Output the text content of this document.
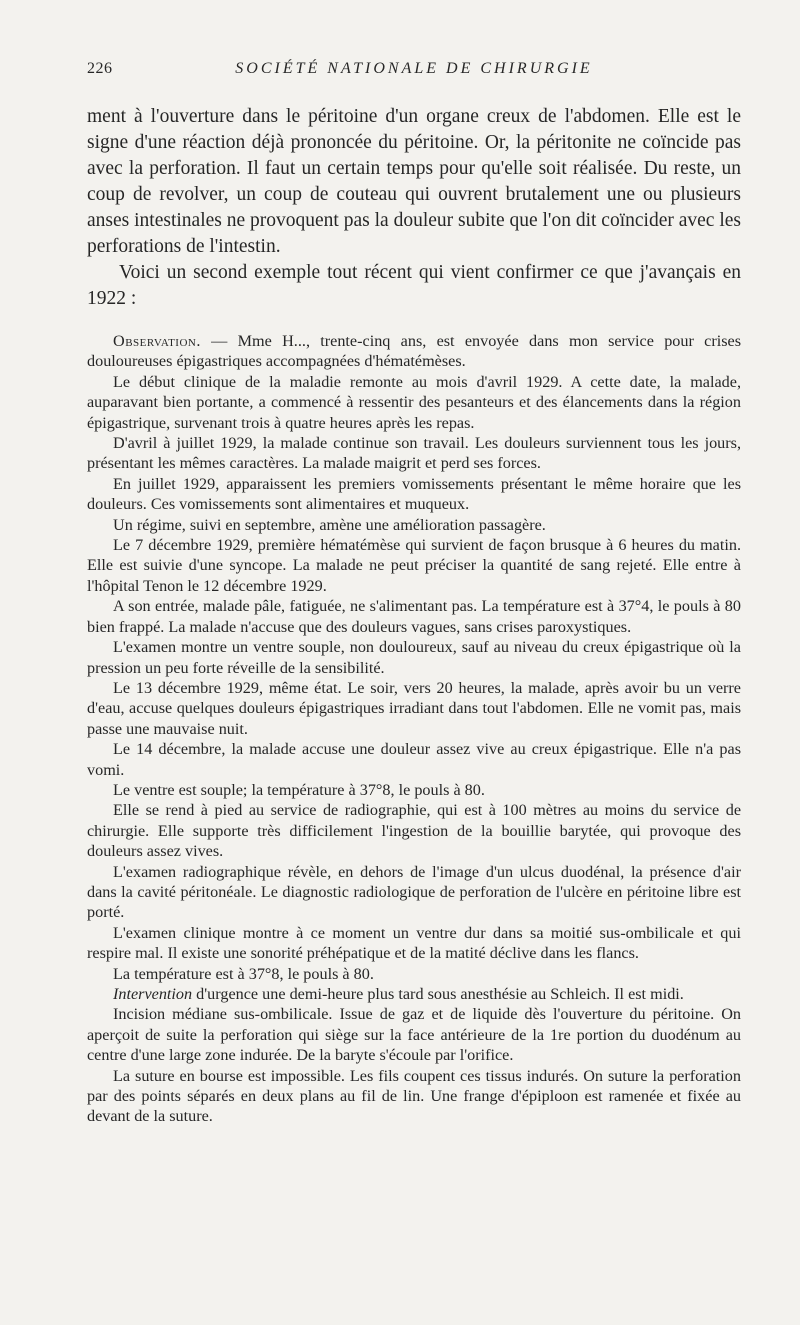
226	SOCIÉTÉ NATIONALE DE CHIRURGIE

ment à l'ouverture dans le péritoine d'un organe creux de l'abdomen. Elle est le signe d'une réaction déjà prononcée du péritoine. Or, la péritonite ne coïncide pas avec la perforation. Il faut un certain temps pour qu'elle soit réalisée. Du reste, un coup de revolver, un coup de couteau qui ouvrent brutalement une ou plusieurs anses intestinales ne provoquent pas la douleur subite que l'on dit coïncider avec les perforations de l'intestin.

Voici un second exemple tout récent qui vient confirmer ce que j'avançais en 1922 :

Observation. — Mme H..., trente-cinq ans, est envoyée dans mon service pour crises douloureuses épigastriques accompagnées d'hématémèses.

Le début clinique de la maladie remonte au mois d'avril 1929. A cette date, la malade, auparavant bien portante, a commencé à ressentir des pesanteurs et des élancements dans la région épigastrique, survenant trois à quatre heures après les repas.

D'avril à juillet 1929, la malade continue son travail. Les douleurs surviennent tous les jours, présentant les mêmes caractères. La malade maigrit et perd ses forces.

En juillet 1929, apparaissent les premiers vomissements présentant le même horaire que les douleurs. Ces vomissements sont alimentaires et muqueux.

Un régime, suivi en septembre, amène une amélioration passagère.

Le 7 décembre 1929, première hématémèse qui survient de façon brusque à 6 heures du matin. Elle est suivie d'une syncope. La malade ne peut préciser la quantité de sang rejeté. Elle entre à l'hôpital Tenon le 12 décembre 1929.

A son entrée, malade pâle, fatiguée, ne s'alimentant pas. La température est à 37°4, le pouls à 80 bien frappé. La malade n'accuse que des douleurs vagues, sans crises paroxystiques.

L'examen montre un ventre souple, non douloureux, sauf au niveau du creux épigastrique où la pression un peu forte réveille de la sensibilité.

Le 13 décembre 1929, même état. Le soir, vers 20 heures, la malade, après avoir bu un verre d'eau, accuse quelques douleurs épigastriques irradiant dans tout l'abdomen. Elle ne vomit pas, mais passe une mauvaise nuit.

Le 14 décembre, la malade accuse une douleur assez vive au creux épigastrique. Elle n'a pas vomi.

Le ventre est souple; la température à 37°8, le pouls à 80.

Elle se rend à pied au service de radiographie, qui est à 100 mètres au moins du service de chirurgie. Elle supporte très difficilement l'ingestion de la bouillie barytée, qui provoque des douleurs assez vives.

L'examen radiographique révèle, en dehors de l'image d'un ulcus duodénal, la présence d'air dans la cavité péritonéale. Le diagnostic radiologique de perforation de l'ulcère en péritoine libre est porté.

L'examen clinique montre à ce moment un ventre dur dans sa moitié sus-ombilicale et qui respire mal. Il existe une sonorité préhépatique et de la matité déclive dans les flancs.

La température est à 37°8, le pouls à 80.

Intervention d'urgence une demi-heure plus tard sous anesthésie au Schleich. Il est midi.

Incision médiane sus-ombilicale. Issue de gaz et de liquide dès l'ouverture du péritoine. On aperçoit de suite la perforation qui siège sur la face antérieure de la 1re portion du duodénum au centre d'une large zone indurée. De la baryte s'écoule par l'orifice.

La suture en bourse est impossible. Les fils coupent ces tissus indurés. On suture la perforation par des points séparés en deux plans au fil de lin. Une frange d'épiploon est ramenée et fixée au devant de la suture.
